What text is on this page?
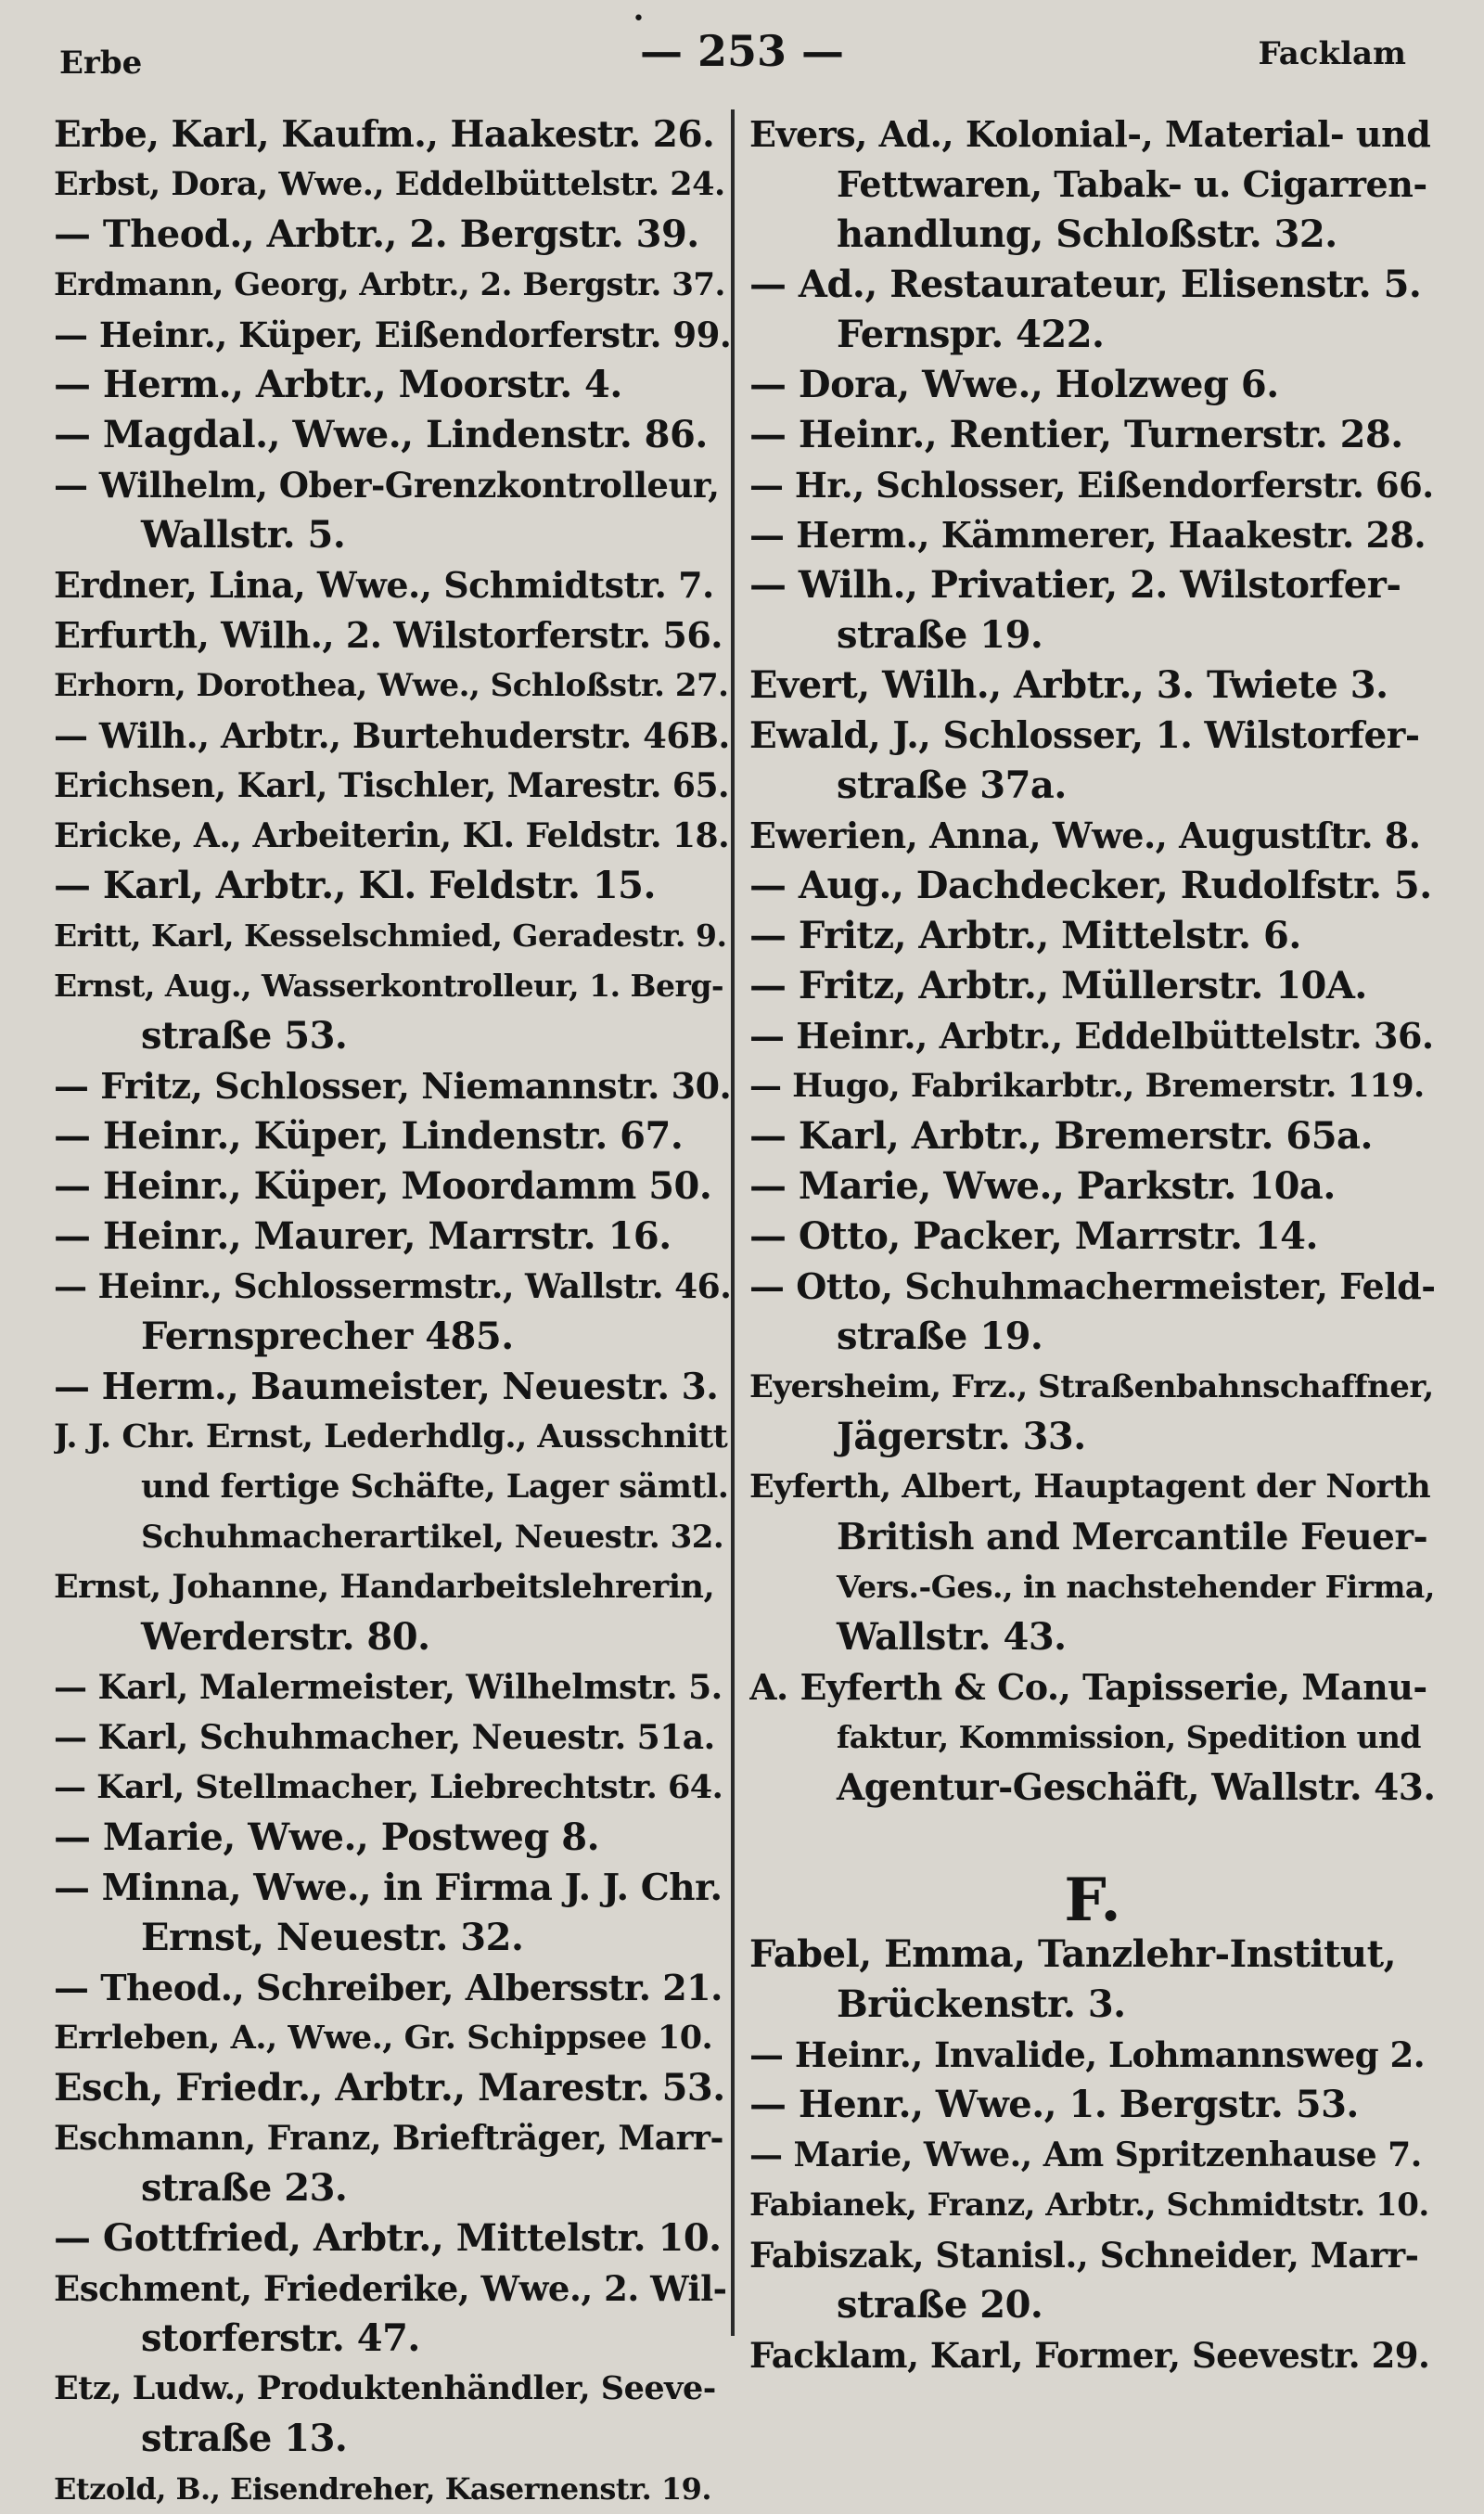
•
Erbe	— 253 —	Facklam
Erbe, Karl, Kaufm., Haakestr. 26.
Erbst, Dora, Wwe., Eddelbüttelstr. 24.
— Theod., Arbtr., 2. Bergstr. 39.
Erdmann, Georg, Arbtr., 2. Bergstr. 37.
— Heinr., Küper, Eißendorferstr. 99.
— Herm., Arbtr., Moorstr. 4.
— Magdal., Wwe., Lindenstr. 86.
— Wilhelm, Ober-Grenzkontrolleur,
Wallstr. 5.
Erdner, Lina, Wwe., Schmidtstr. 7.
Erfurth, Wilh., 2. Wilstorferstr. 56.
Erhorn, Dorothea, Wwe., Schloßstr. 27.
— Wilh., Arbtr., Burtehuderstr. 46B.
Erichsen, Karl, Tischler, Marestr. 65.
Ericke, A., Arbeiterin, Kl. Feldstr. 18.
— Karl, Arbtr., Kl. Feldstr. 15.
Eritt, Karl, Kesselschmied, Geradestr. 9.
Ernst, Aug., Wasserkontrolleur, 1. Berg-
straße 53.
— Fritz, Schlosser, Niemannstr. 30.
— Heinr., Küper, Lindenstr. 67.
— Heinr., Küper, Moordamm 50.
— Heinr., Maurer, Marrstr. 16.
— Heinr., Schlossermstr., Wallstr. 46.
Fernsprecher 485.
— Herm., Baumeister, Neuestr. 3.
J. J. Chr. Ernst, Lederhdlg., Ausschnitt
und fertige Schäfte, Lager sämtl.
Schuhmacherartikel, Neuestr. 32.
Ernst, Johanne, Handarbeitslehrerin,
Werderstr. 80.
— Karl, Malermeister, Wilhelmstr. 5.
— Karl, Schuhmacher, Neuestr. 51a.
— Karl, Stellmacher, Liebrechtstr. 64.
— Marie, Wwe., Postweg 8.
— Minna, Wwe., in Firma J. J. Chr.
Ernst, Neuestr. 32.
— Theod., Schreiber, Albersstr. 21.
Errleben, A., Wwe., Gr. Schippsee 10.
Esch, Friedr., Arbtr., Marestr. 53.
Eschmann, Franz, Briefträger, Marr-
straße 23.
— Gottfried, Arbtr., Mittelstr. 10.
Eschment, Friederike, Wwe., 2. Wil-
storferstr. 47.
Etz, Ludw., Produktenhändler, Seeve-
straße 13.
Etzold, B., Eisendreher, Kasernenstr. 19.
Evers, Ad., Kolonial-, Material- und
Fettwaren, Tabak- u. Cigarren-
handlung, Schloßstr. 32.
— Ad., Restaurateur, Elisenstr. 5.
Fernspr. 422.
— Dora, Wwe., Holzweg 6.
— Heinr., Rentier, Turnerstr. 28.
— Hr., Schlosser, Eißendorferstr. 66.
— Herm., Kämmerer, Haakestr. 28.
— Wilh., Privatier, 2. Wilstorfer-
straße 19.
Evert, Wilh., Arbtr., 3. Twiete 3.
Ewald, J., Schlosser, 1. Wilstorfer-
straße 37a.
Ewerien, Anna, Wwe., Augustſtr. 8.
— Aug., Dachdecker, Rudolfstr. 5.
— Fritz, Arbtr., Mittelstr. 6.
— Fritz, Arbtr., Müllerstr. 10A.
— Heinr., Arbtr., Eddelbüttelstr. 36.
— Hugo, Fabrikarbtr., Bremerstr. 119.
— Karl, Arbtr., Bremerstr. 65a.
— Marie, Wwe., Parkstr. 10a.
— Otto, Packer, Marrstr. 14.
— Otto, Schuhmachermeister, Feld-
straße 19.
Eyersheim, Frz., Straßenbahnschaffner,
Jägerstr. 33.
Eyferth, Albert, Hauptagent der North
British and Mercantile Feuer-
Vers.-Ges., in nachstehender Firma,
Wallstr. 43.
A. Eyferth & Co., Tapisserie, Manu-
faktur, Kommission, Spedition und
Agentur-Geschäft, Wallstr. 43.
F.
Fabel, Emma, Tanzlehr-Institut,
Brückenstr. 3.
— Heinr., Invalide, Lohmannsweg 2.
— Henr., Wwe., 1. Bergstr. 53.
— Marie, Wwe., Am Spritzenhause 7.
Fabianek, Franz, Arbtr., Schmidtstr. 10.
Fabiszak, Stanisl., Schneider, Marr-
straße 20.
Facklam, Karl, Former, Seevestr. 29.
